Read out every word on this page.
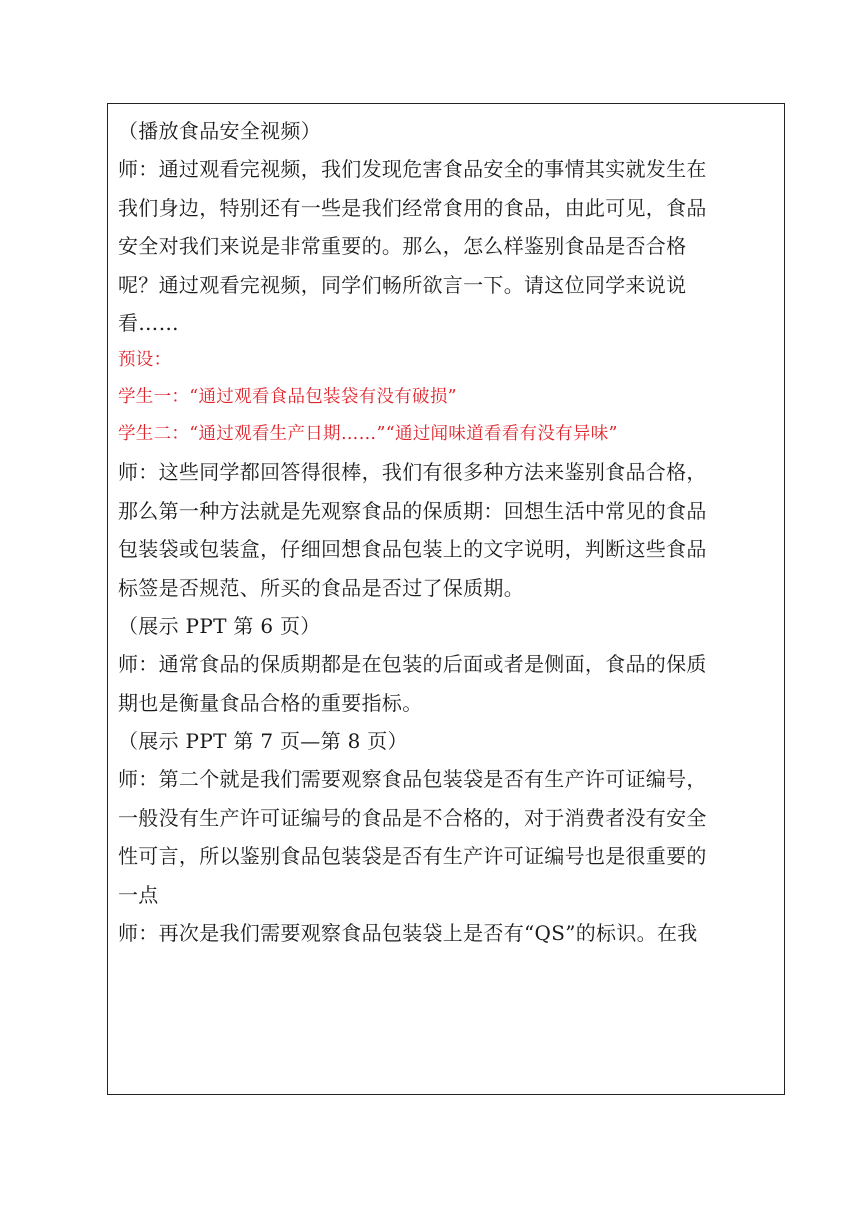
（播放食品安全视频）
师：通过观看完视频，我们发现危害食品安全的事情其实就发生在
我们身边，特别还有一些是我们经常食用的食品，由此可见，食品
安全对我们来说是非常重要的。那么，怎么样鉴别食品是否合格
呢？通过观看完视频，同学们畅所欲言一下。请这位同学来说说
看……
预设：
学生一：“通过观看食品包装袋有没有破损”
学生二：“通过观看生产日期……”“通过闻味道看看有没有异味”
师：这些同学都回答得很棒，我们有很多种方法来鉴别食品合格，
那么第一种方法就是先观察食品的保质期：回想生活中常见的食品
包装袋或包装盒，仔细回想食品包装上的文字说明，判断这些食品
标签是否规范、所买的食品是否过了保质期。
（展示 PPT 第 6 页）
师：通常食品的保质期都是在包装的后面或者是侧面，食品的保质
期也是衡量食品合格的重要指标。
（展示 PPT 第 7 页—第 8 页）
师：第二个就是我们需要观察食品包装袋是否有生产许可证编号，
一般没有生产许可证编号的食品是不合格的，对于消费者没有安全
性可言，所以鉴别食品包装袋是否有生产许可证编号也是很重要的
一点
师：再次是我们需要观察食品包装袋上是否有“QS”的标识。在我
